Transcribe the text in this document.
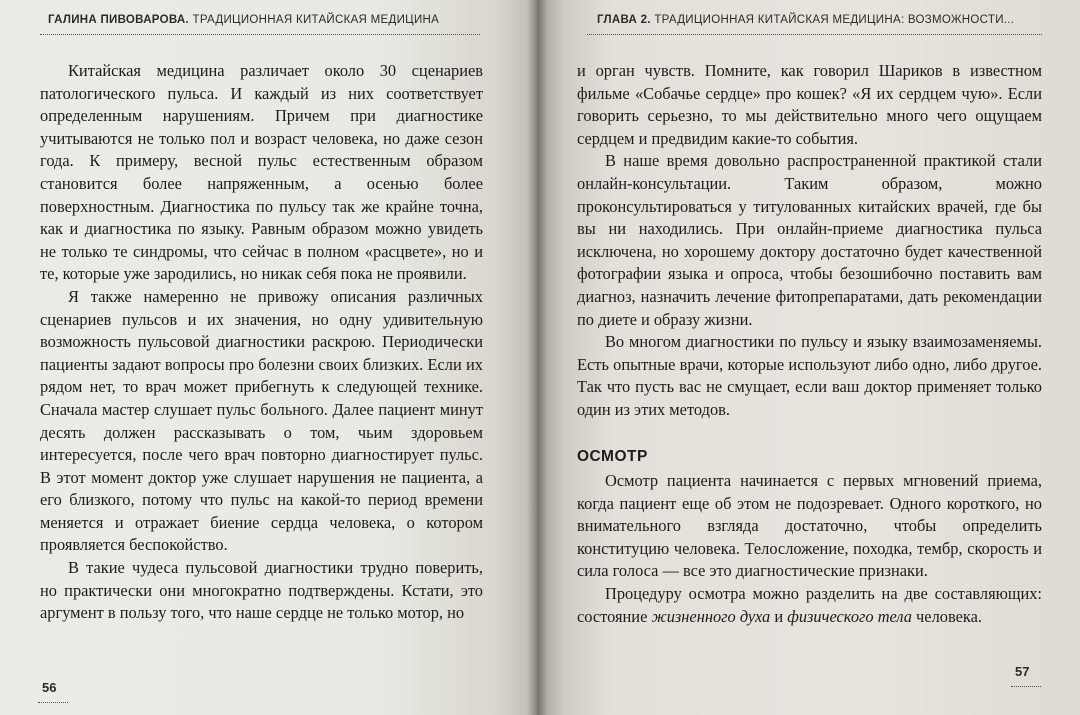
ГАЛИНА ПИВОВАРОВА. ТРАДИЦИОННАЯ КИТАЙСКАЯ МЕДИЦИНА

Китайская медицина различает около 30 сценариев патологического пульса. И каждый из них соответствует определенным нарушениям. Причем при диагностике учитываются не только пол и возраст человека, но даже сезон года. К примеру, весной пульс естественным образом становится более напряженным, а осенью более поверхностным. Диагностика по пульсу так же крайне точна, как и диагностика по языку. Равным образом можно увидеть не только те синдромы, что сейчас в полном «расцвете», но и те, которые уже зародились, но никак себя пока не проявили.

Я также намеренно не привожу описания различных сценариев пульсов и их значения, но одну удивительную возможность пульсовой диагностики раскрою. Периодически пациенты задают вопросы про болезни своих близких. Если их рядом нет, то врач может прибегнуть к следующей технике. Сначала мастер слушает пульс больного. Далее пациент минут десять должен рассказывать о том, чьим здоровьем интересуется, после чего врач повторно диагностирует пульс. В этот момент доктор уже слушает нарушения не пациента, а его близкого, потому что пульс на какой-то период времени меняется и отражает биение сердца человека, о котором проявляется беспокойство.

В такие чудеса пульсовой диагностики трудно поверить, но практически они многократно подтверждены. Кстати, это аргумент в пользу того, что наше сердце не только мотор, но

56
ГЛАВА 2. ТРАДИЦИОННАЯ КИТАЙСКАЯ МЕДИЦИНА: ВОЗМОЖНОСТИ...

и орган чувств. Помните, как говорил Шариков в известном фильме «Собачье сердце» про кошек? «Я их сердцем чую». Если говорить серьезно, то мы действительно много чего ощущаем сердцем и предвидим какие-то события.

В наше время довольно распространенной практикой стали онлайн-консультации. Таким образом, можно проконсультироваться у титулованных китайских врачей, где бы вы ни находились. При онлайн-приеме диагностика пульса исключена, но хорошему доктору достаточно будет качественной фотографии языка и опроса, чтобы безошибочно поставить вам диагноз, назначить лечение фитопрепаратами, дать рекомендации по диете и образу жизни.

Во многом диагностики по пульсу и языку взаимозаменяемы. Есть опытные врачи, которые используют либо одно, либо другое. Так что пусть вас не смущает, если ваш доктор применяет только один из этих методов.

ОСМОТР

Осмотр пациента начинается с первых мгновений приема, когда пациент еще об этом не подозревает. Одного короткого, но внимательного взгляда достаточно, чтобы определить конституцию человека. Телосложение, походка, тембр, скорость и сила голоса — все это диагностические признаки.

Процедуру осмотра можно разделить на две составляющих: состояние жизненного духа и физического тела человека.

57
